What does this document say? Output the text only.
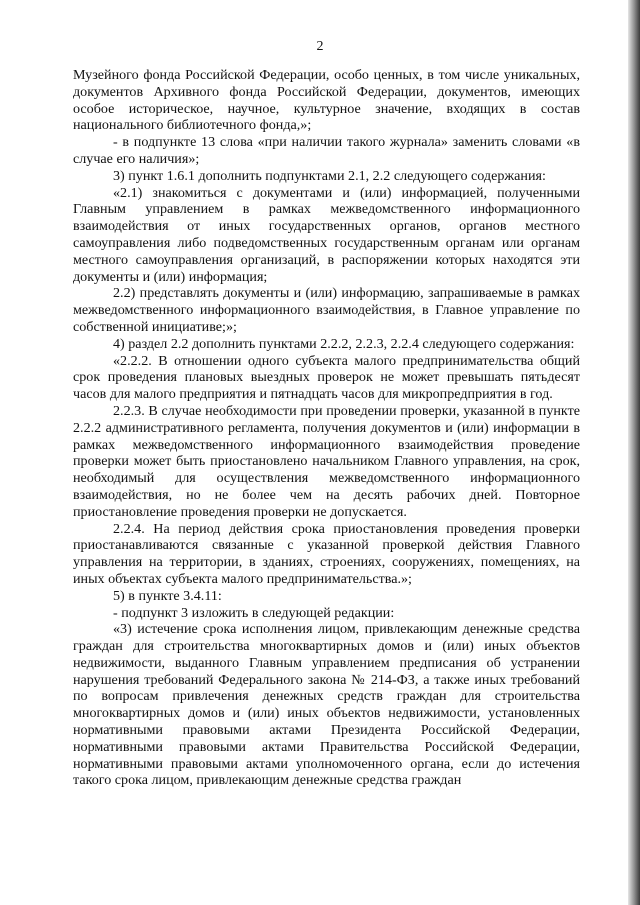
2

Музейного фонда Российской Федерации, особо ценных, в том числе уникальных, документов Архивного фонда Российской Федерации, документов, имеющих особое историческое, научное, культурное значение, входящих в состав национального библиотечного фонда,»;

- в подпункте 13 слова «при наличии такого журнала» заменить словами «в случае его наличия»;

3) пункт 1.6.1 дополнить подпунктами 2.1, 2.2 следующего содержания:

«2.1) знакомиться с документами и (или) информацией, полученными Главным управлением в рамках межведомственного информационного взаимодействия от иных государственных органов, органов местного самоуправления либо подведомственных государственным органам или органам местного самоуправления организаций, в распоряжении которых находятся эти документы и (или) информация;

2.2) представлять документы и (или) информацию, запрашиваемые в рамках межведомственного информационного взаимодействия, в Главное управление по собственной инициативе;»;

4) раздел 2.2 дополнить пунктами 2.2.2, 2.2.3, 2.2.4 следующего содержания:

«2.2.2. В отношении одного субъекта малого предпринимательства общий срок проведения плановых выездных проверок не может превышать пятьдесят часов для малого предприятия и пятнадцать часов для микропредприятия в год.

2.2.3. В случае необходимости при проведении проверки, указанной в пункте 2.2.2 административного регламента, получения документов и (или) информации в рамках межведомственного информационного взаимодействия проведение проверки может быть приостановлено начальником Главного управления, на срок, необходимый для осуществления межведомственного информационного взаимодействия, но не более чем на десять рабочих дней. Повторное приостановление проведения проверки не допускается.

2.2.4. На период действия срока приостановления проведения проверки приостанавливаются связанные с указанной проверкой действия Главного управления на территории, в зданиях, строениях, сооружениях, помещениях, на иных объектах субъекта малого предпринимательства.»;

5) в пункте 3.4.11:

- подпункт 3 изложить в следующей редакции:

«3) истечение срока исполнения лицом, привлекающим денежные средства граждан для строительства многоквартирных домов и (или) иных объектов недвижимости, выданного Главным управлением предписания об устранении нарушения требований Федерального закона № 214-ФЗ, а также иных требований по вопросам привлечения денежных средств граждан для строительства многоквартирных домов и (или) иных объектов недвижимости, установленных нормативными правовыми актами Президента Российской Федерации, нормативными правовыми актами Правительства Российской Федерации, нормативными правовыми актами уполномоченного органа, если до истечения такого срока лицом, привлекающим денежные средства граждан
